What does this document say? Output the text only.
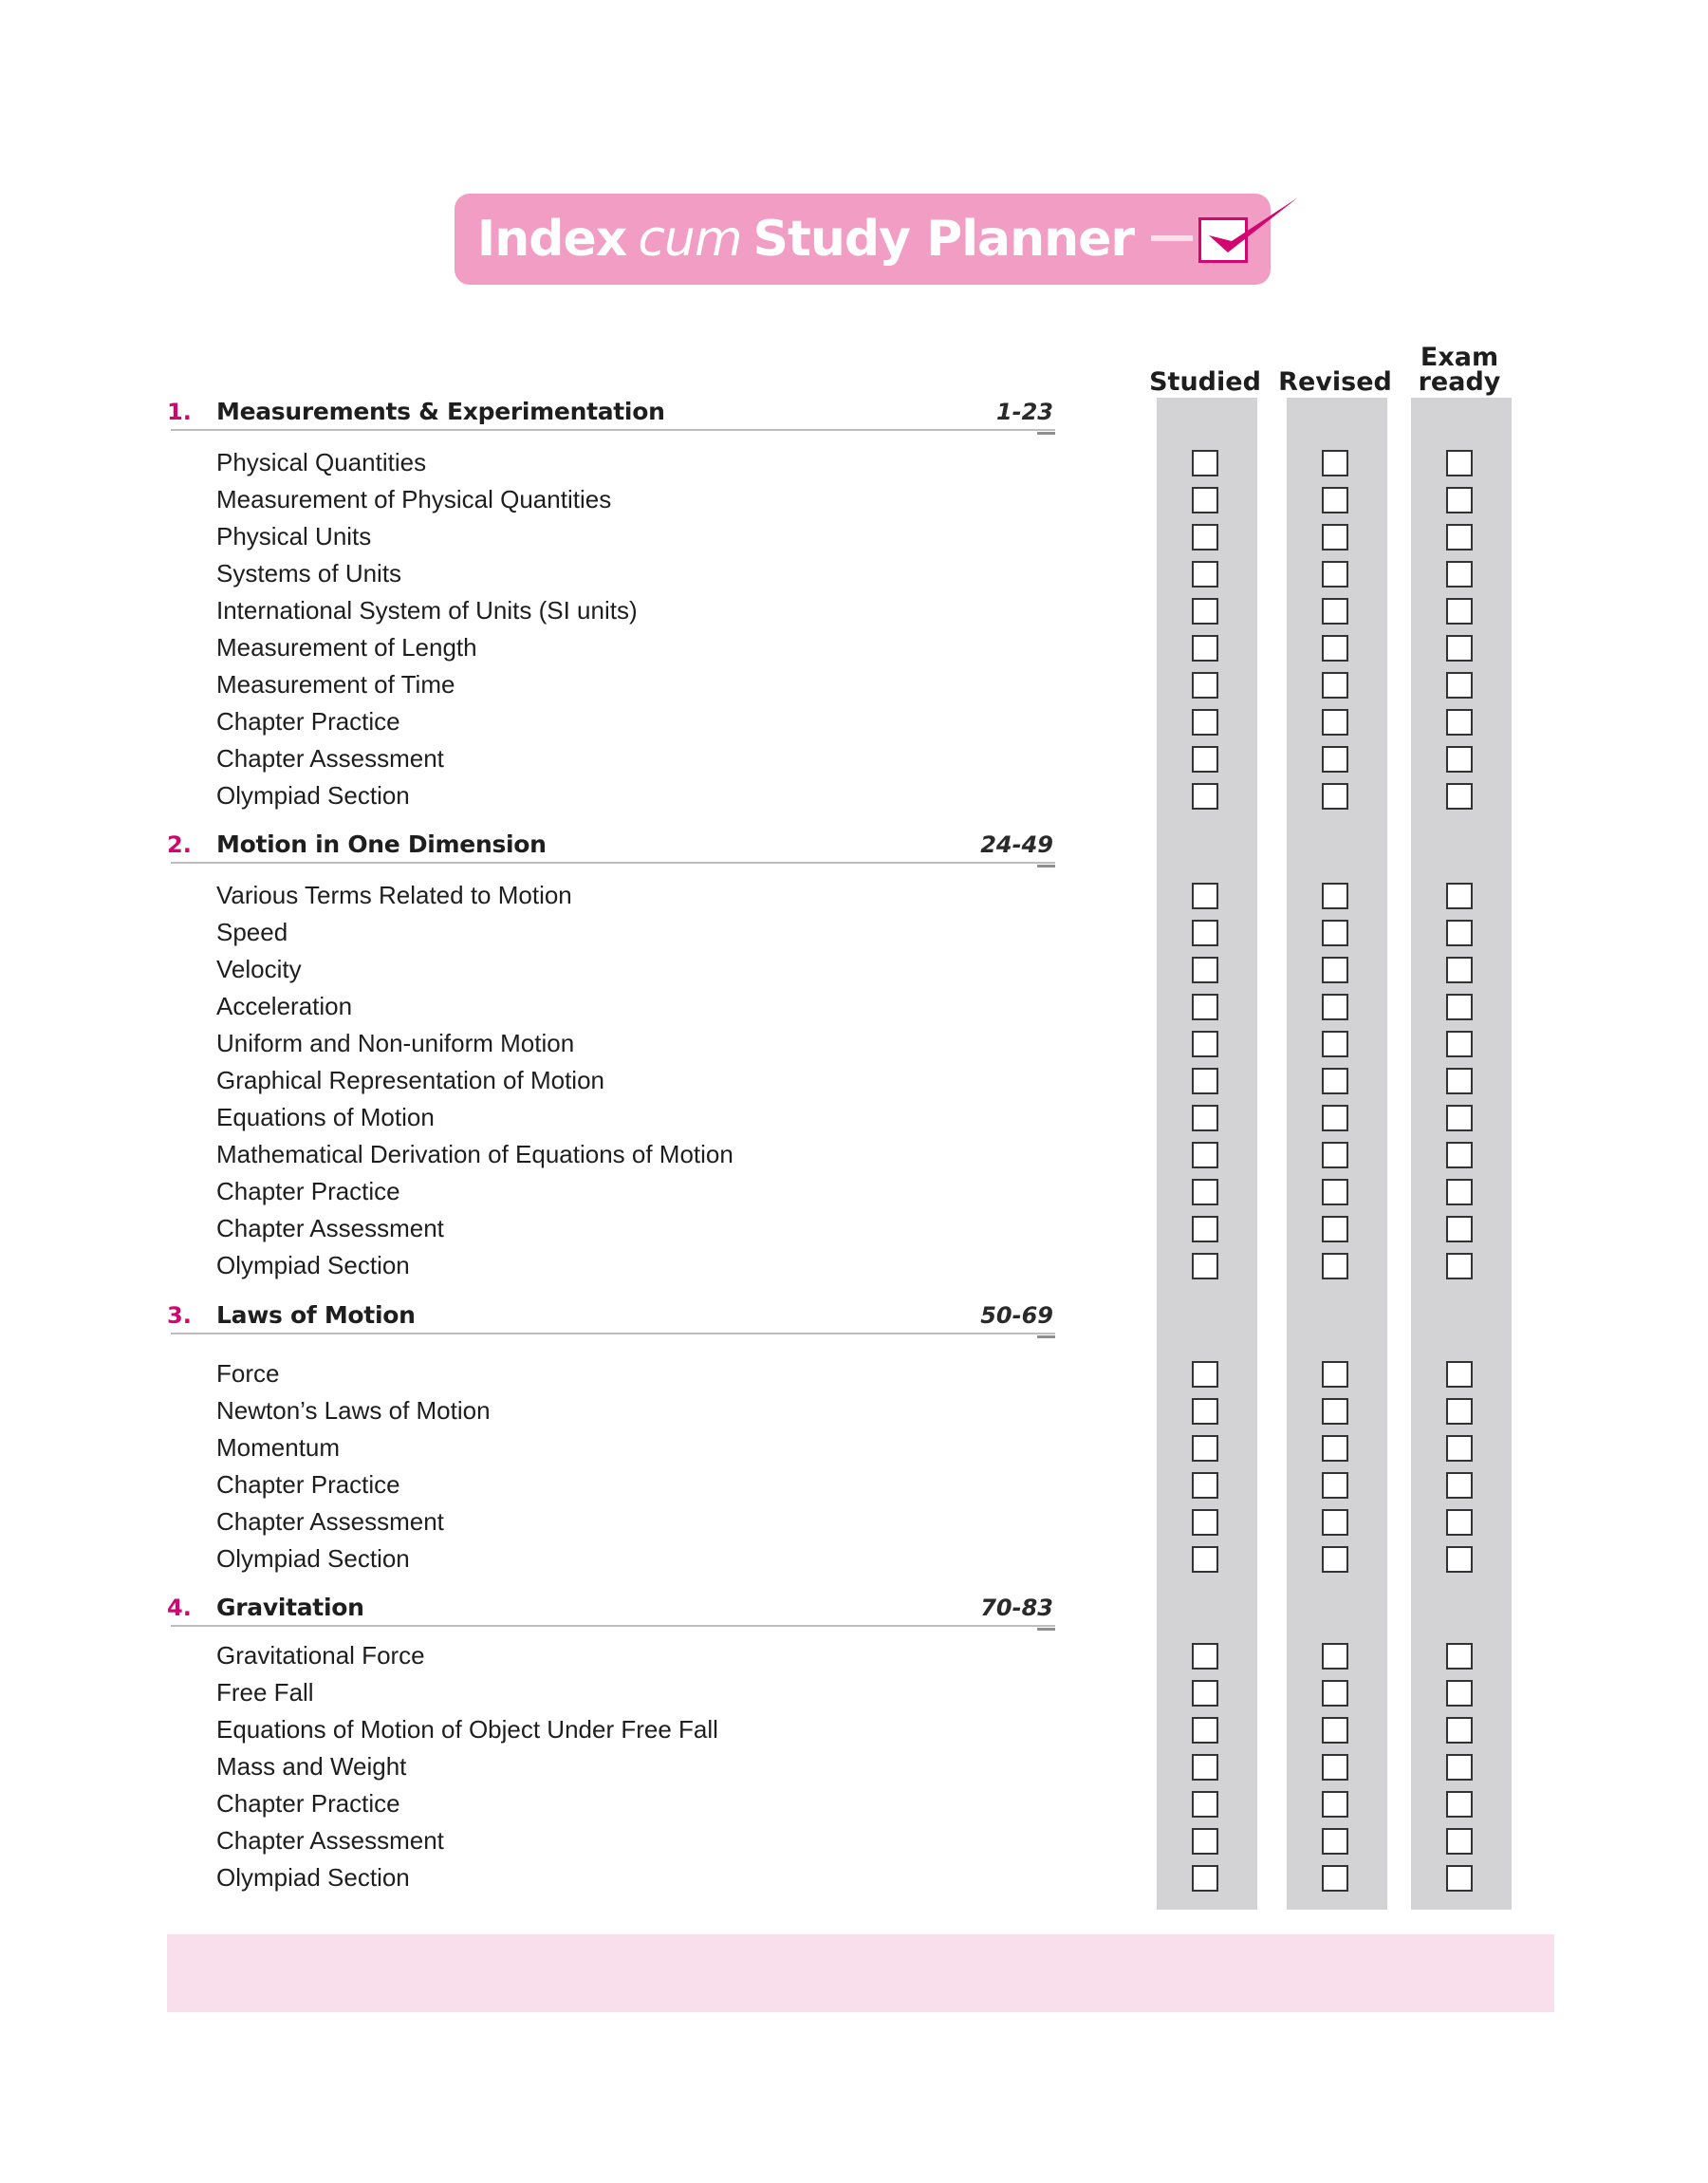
Index cum Study Planner
Studied Revised
Exam ready
1.	Measurements & Experimentation	1-23
Physical Quantities
Measurement of Physical Quantities
Physical Units
Systems of Units
International System of Units (SI units)
Measurement of Length
Measurement of Time
Chapter Practice
Chapter Assessment
Olympiad Section
2.	Motion in One Dimension	24-49
Various Terms Related to Motion
Speed
Velocity
Acceleration
Uniform and Non-uniform Motion
Graphical Representation of Motion
Equations of Motion
Mathematical Derivation of Equations of Motion
Chapter Practice
Chapter Assessment
Olympiad Section
3.	Laws of Motion	50-69
Force
Newton’s Laws of Motion
Momentum
Chapter Practice
Chapter Assessment
Olympiad Section
4.	Gravitation	70-83
Gravitational Force
Free Fall
Equations of Motion of Object Under Free Fall
Mass and Weight
Chapter Practice
Chapter Assessment
Olympiad Section
